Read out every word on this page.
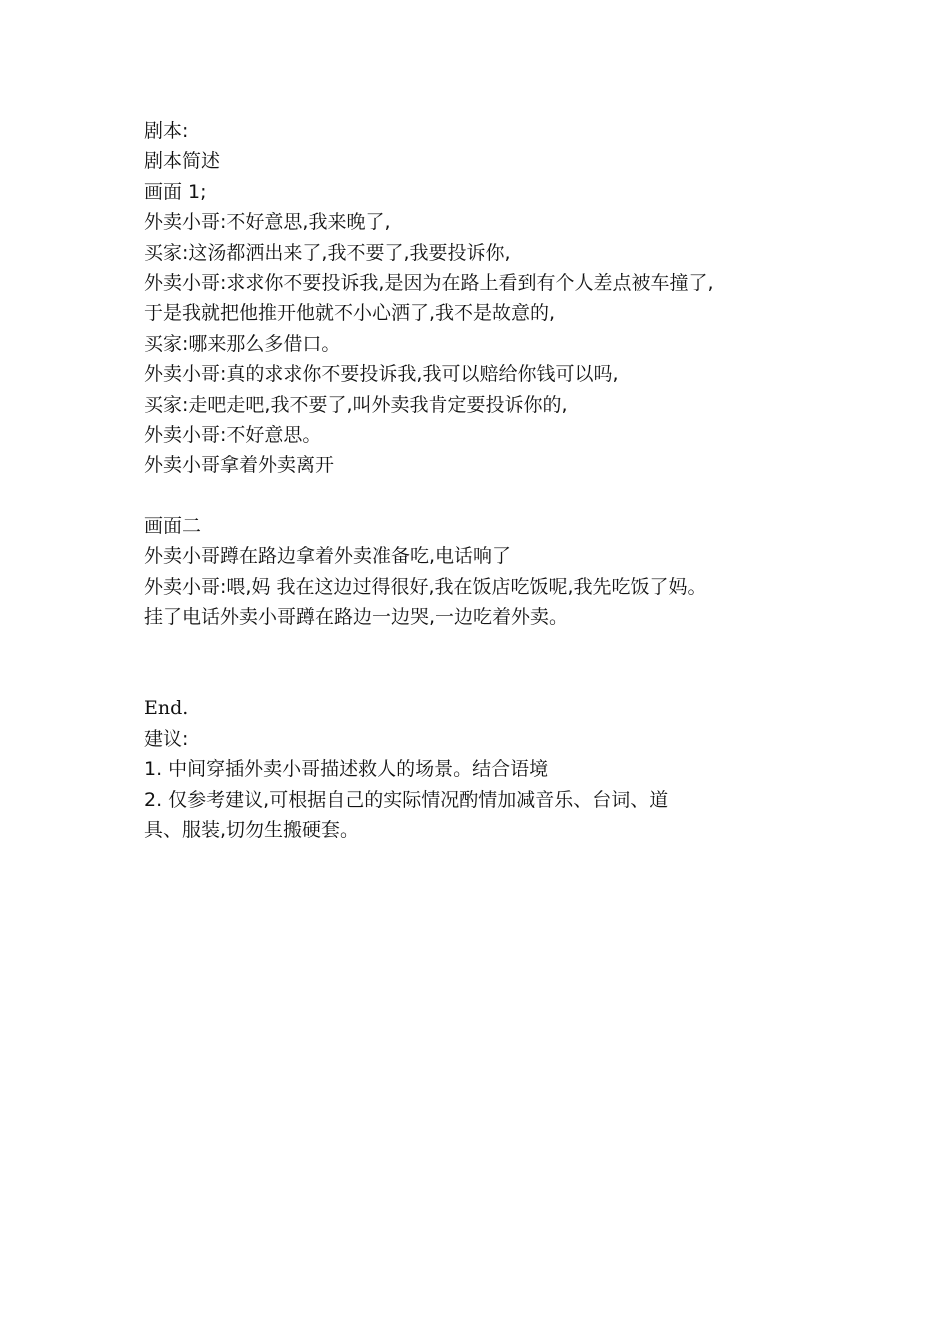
剧本:
剧本简述
画面 1;
外卖小哥:不好意思,我来晚了,
买家:这汤都洒出来了,我不要了,我要投诉你,
外卖小哥:求求你不要投诉我,是因为在路上看到有个人差点被车撞了,
于是我就把他推开他就不小心洒了,我不是故意的,
买家:哪来那么多借口。
外卖小哥:真的求求你不要投诉我,我可以赔给你钱可以吗,
买家:走吧走吧,我不要了,叫外卖我肯定要投诉你的,
外卖小哥:不好意思。
外卖小哥拿着外卖离开
画面二
外卖小哥蹲在路边拿着外卖准备吃,电话响了
外卖小哥:喂,妈 我在这边过得很好,我在饭店吃饭呢,我先吃饭了妈。
挂了电话外卖小哥蹲在路边一边哭,一边吃着外卖。
End.
建议:
1. 中间穿插外卖小哥描述救人的场景。结合语境
2. 仅参考建议,可根据自己的实际情况酌情加减音乐、台词、道
具、服装,切勿生搬硬套。
